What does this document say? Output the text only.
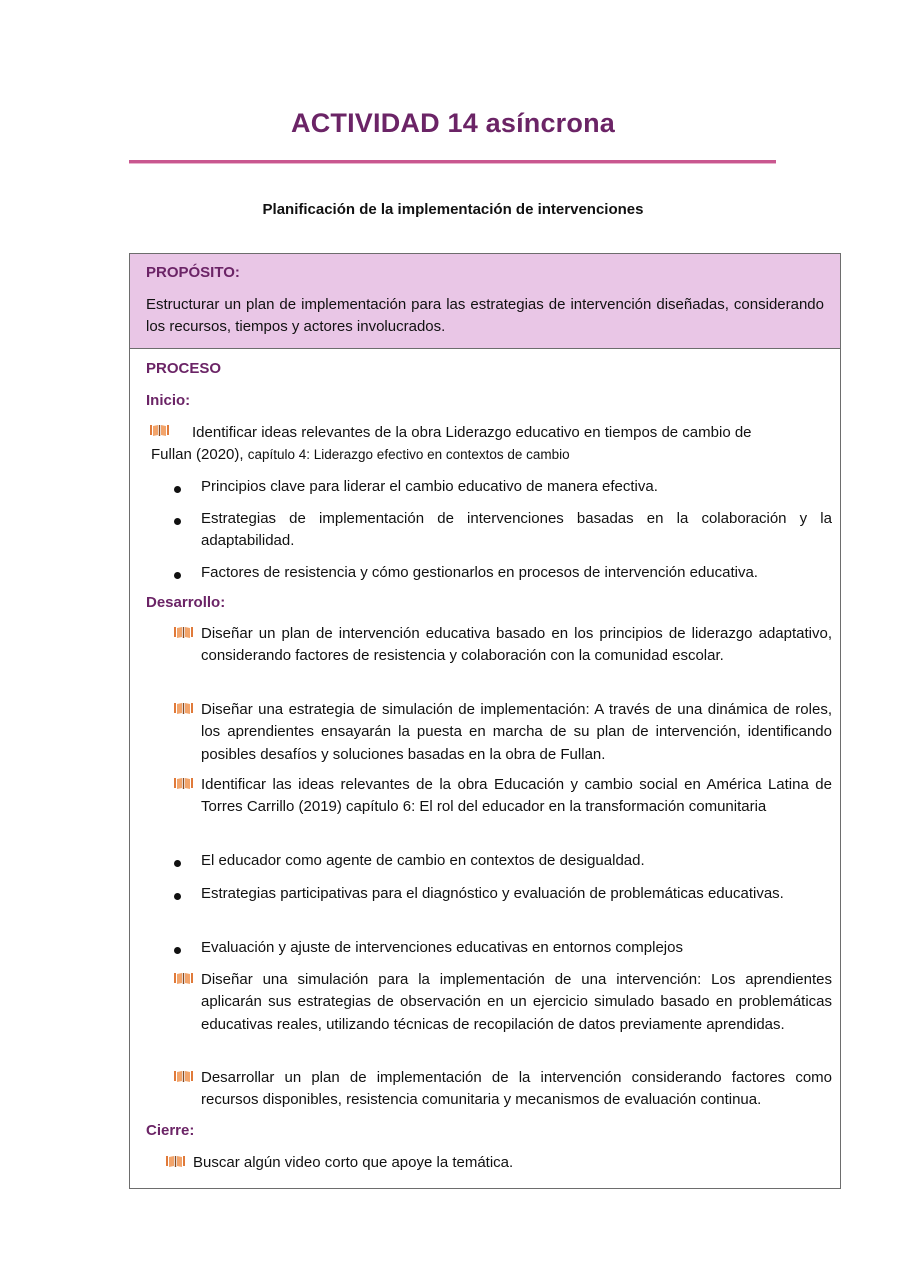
ACTIVIDAD 14 asíncrona
Planificación de la implementación de intervenciones
PROPÓSITO:
Estructurar un plan de implementación para las estrategias de intervención diseñadas, considerando los recursos, tiempos y actores involucrados.
PROCESO
Inicio:
Identificar ideas relevantes de la obra Liderazgo educativo en tiempos de cambio de
Fullan (2020), capítulo 4: Liderazgo efectivo en contextos de cambio
Principios clave para liderar el cambio educativo de manera efectiva.
Estrategias de implementación de intervenciones basadas en la colaboración y la adaptabilidad.
Factores de resistencia y cómo gestionarlos en procesos de intervención educativa.
Desarrollo:
Diseñar un plan de intervención educativa basado en los principios de liderazgo adaptativo, considerando factores de resistencia y colaboración con la comunidad escolar.
Diseñar una estrategia de simulación de implementación: A través de una dinámica de roles, los aprendientes ensayarán la puesta en marcha de su plan de intervención, identificando posibles desafíos y soluciones basadas en la obra de Fullan.
Identificar las ideas relevantes de la obra Educación y cambio social en América Latina de Torres Carrillo (2019) capítulo 6: El rol del educador en la transformación comunitaria
El educador como agente de cambio en contextos de desigualdad.
Estrategias participativas para el diagnóstico y evaluación de problemáticas educativas.
Evaluación y ajuste de intervenciones educativas en entornos complejos
Diseñar una simulación para la implementación de una intervención: Los aprendientes aplicarán sus estrategias de observación en un ejercicio simulado basado en problemáticas educativas reales, utilizando técnicas de recopilación de datos previamente aprendidas.
Desarrollar un plan de implementación de la intervención considerando factores como recursos disponibles, resistencia comunitaria y mecanismos de evaluación continua.
Cierre:
Buscar algún video corto que apoye la temática.
